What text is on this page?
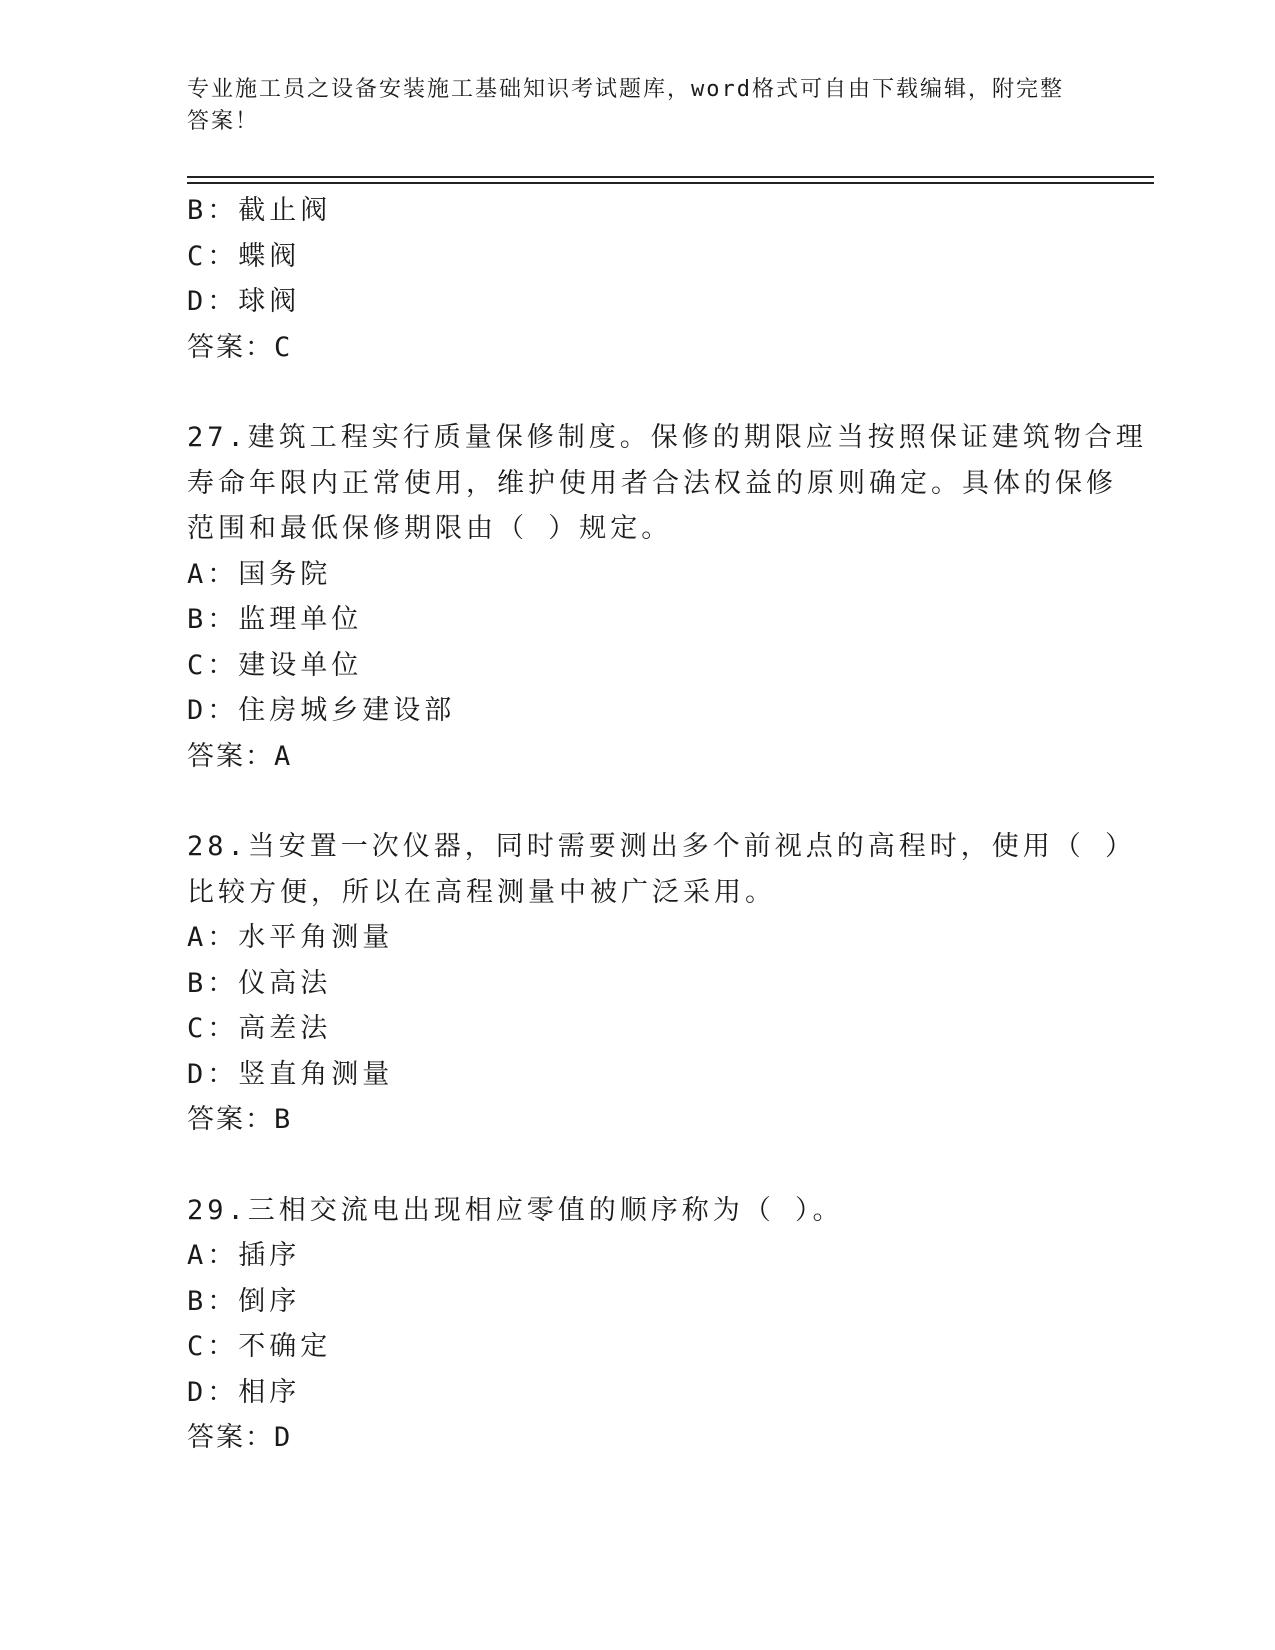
专业施工员之设备安装施工基础知识考试题库，word格式可自由下载编辑，附完整答案！

B：截止阀
C：蝶阀
D：球阀
答案：C
27.建筑工程实行质量保修制度。保修的期限应当按照保证建筑物合理
寿命年限内正常使用，维护使用者合法权益的原则确定。具体的保修
范围和最低保修期限由（ ）规定。
A：国务院
B：监理单位
C：建设单位
D：住房城乡建设部
答案：A
28.当安置一次仪器，同时需要测出多个前视点的高程时，使用（ ）
比较方便，所以在高程测量中被广泛采用。
A：水平角测量
B：仪高法
C：高差法
D：竖直角测量
答案：B
29.三相交流电出现相应零值的顺序称为（ ）。
A：插序
B：倒序
C：不确定
D：相序
答案：D
